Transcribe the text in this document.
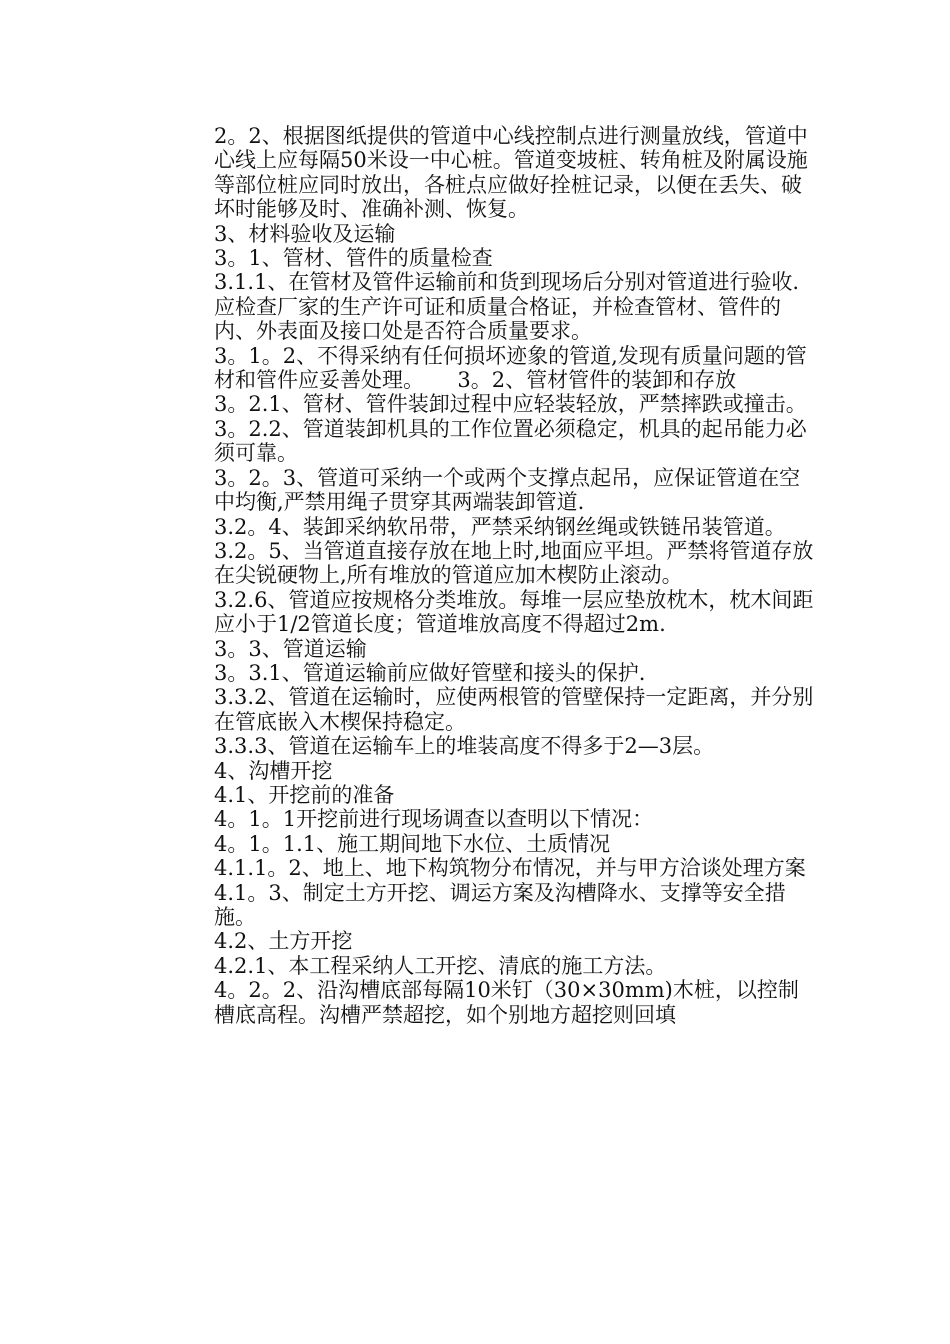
2。2、根据图纸提供的管道中心线控制点进行测量放线，管道中心线上应每隔50米设一中心桩。管道变坡桩、转角桩及附属设施等部位桩应同时放出，各桩点应做好拴桩记录，以便在丢失、破坏时能够及时、准确补测、恢复。

3、材料验收及运输

3。1、管材、管件的质量检查

3.1.1、在管材及管件运输前和货到现场后分别对管道进行验收.应检查厂家的生产许可证和质量合格证，并检查管材、管件的内、外表面及接口处是否符合质量要求。

3。1。2、不得采纳有任何损坏迹象的管道,发现有质量问题的管材和管件应妥善处理。     3。2、管材管件的装卸和存放

3。2.1、管材、管件装卸过程中应轻装轻放，严禁摔跌或撞击。

3。2.2、管道装卸机具的工作位置必须稳定，机具的起吊能力必须可靠。

3。2。3、管道可采纳一个或两个支撑点起吊，应保证管道在空中均衡,严禁用绳子贯穿其两端装卸管道.

3.2。4、装卸采纳软吊带，严禁采纳钢丝绳或铁链吊装管道。

3.2。5、当管道直接存放在地上时,地面应平坦。严禁将管道存放在尖锐硬物上,所有堆放的管道应加木楔防止滚动。

3.2.6、管道应按规格分类堆放。每堆一层应垫放枕木，枕木间距应小于1/2管道长度；管道堆放高度不得超过2m.

3。3、管道运输

3。3.1、管道运输前应做好管壁和接头的保护.

3.3.2、管道在运输时，应使两根管的管壁保持一定距离，并分别在管底嵌入木楔保持稳定。

3.3.3、管道在运输车上的堆装高度不得多于2—3层。

4、沟槽开挖

4.1、开挖前的准备

4。1。1开挖前进行现场调查以查明以下情况：

4。1。1.1、施工期间地下水位、土质情况

4.1.1。2、地上、地下构筑物分布情况，并与甲方洽谈处理方案

4.1。3、制定土方开挖、调运方案及沟槽降水、支撑等安全措施。

4.2、土方开挖

4.2.1、本工程采纳人工开挖、清底的施工方法。

4。2。2、沿沟槽底部每隔10米钉（30×30mm)木桩，以控制槽底高程。沟槽严禁超挖，如个别地方超挖则回填
